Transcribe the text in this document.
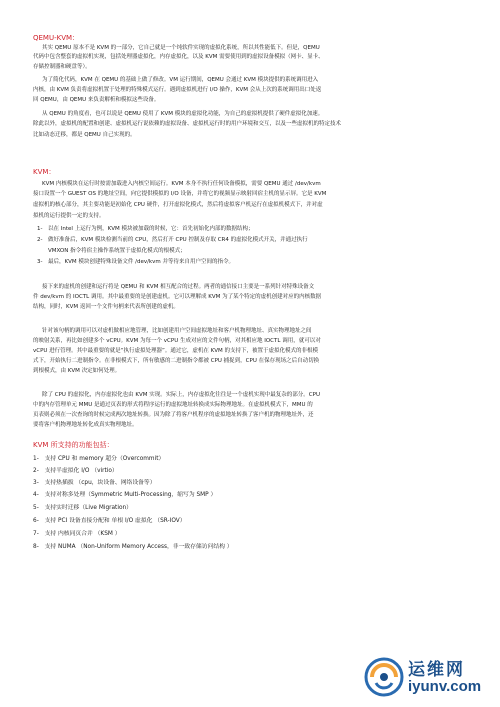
QEMU-KVM：
其实 QEMU 原本不是 KVM 的一部分，它自己就是一个纯软件实现的虚拟化系统，所以其性能低下。但是，QEMU
代码中包含整套的虚拟机实现，包括处理器虚拟化，内存虚拟化，以及 KVM 需要使用到的虚拟设备模拟（网卡、显卡、
存储控制器和硬盘等）。
为了简化代码，KVM 在 QEMU 的基础上做了修改。VM 运行期间，QEMU 会通过 KVM 模块提供的系统调用进入
内核，由 KVM 负责将虚拟机置于处理的特殊模式运行。遇到虚拟机进行 I/O 操作，KVM 会从上次的系统调用出口处返
回 QEMU，由 QEMU 来负责解析和模拟这些设备。
从 QEMU 的角度看，也可以说是 QEMU 使用了 KVM 模块的虚拟化功能，为自己的虚拟机提供了硬件虚拟化加速。
除此以外，虚拟机的配置和创建、虚拟机运行说依赖的虚拟设备、虚拟机运行时的用户环境和交互，以及一些虚拟机的特定技术
比如动态迁移，都是 QEMU 自己实现的。
KVM：
KVM 内核模块在运行时按需加载进入内核空间运行。KVM 本身不执行任何设备模拟，需要 QEMU 通过 /dev/kvm
接口设置一个 GUEST OS 的地址空间，向它提供模拟的 I/O 设备，并将它的视频显示映射回宿主机的显示屏。它是 KVM
虚拟机的核心部分，其主要功能是初始化 CPU 硬件，打开虚拟化模式，然后将虚拟客户机运行在虚拟机模式下，并对虚
拟机的运行提供一定的支持。
1-　以在 Intel 上运行为例，KVM 模块被加载的时候，它：首先初始化内部的数据结构；
2-　做好准备后，KVM 模块检测当前的 CPU，然后打开 CPU 控制及存取 CR4 的虚拟化模式开关，并通过执行
　　VMXON 指令将宿主操作系统置于虚拟化模式的根模式；
3-　最后，KVM 模块创建特殊设备文件 /dev/kvm 并等待来自用户空间的指令。
接下来的虚机的创建和运行将是 QEMU 和 KVM 相互配合的过程。两者的通信接口主要是一系列针对特殊设备文
件 dev/kvm 的 IOCTL 调用。其中最重要的是创建虚机。它可以理解成 KVM 为了某个特定的虚机创建对应的内核数据
结构，同时，KVM 返回一个文件句柄来代表所创建的虚机。
针对该句柄的调用可以对虚机做相应地管理，比如创建用户空间虚拟地址和客户机物理地址、真实物理地址之间
的映射关系，再比如创建多个 vCPU。KVM 为每一个 vCPU 生成对应的文件句柄，对其相应地 IOCTL 调用，就可以对
vCPU 进行管理。其中最重要的就是“执行虚拟处理器”。通过它，虚机在 KVM 的支持下，被置于虚拟化模式的非根模
式下，开始执行二进制指令。在非根模式下，所有敏感的二进制指令都被 CPU 捕捉到，CPU 在保存现场之后自动切换
到根模式，由 KVM 决定如何处理。
除了 CPU 的虚拟化，内存虚拟化也由 KVM 实现。实际上，内存虚拟化往往是一个虚机实现中最复杂的部分。CPU
中的内存管理单元 MMU 是通过页表的形式将程序运行的虚拟地址转换成实际物理地址。在虚拟机模式下，MMU 的
页表则必须在一次查询的时候完成两次地址转换。因为除了将客户机程序的虚拟地址转换了客户机的物理地址外，还
要将客户机物理地址转化成真实物理地址。
KVM 所支持的功能包括：
1-　支持 CPU 和 memory 超分（Overcommit）
2-　支持半虚拟化 I/O （virtio）
3-　支持热插拔 （cpu，块设备、网络设备等）
4-　支持对称多处理（Symmetric Multi-Processing，缩写为 SMP ）
5-　支持实时迁移（Live Migration）
6-　支持 PCI 设备直接分配和 单根 I/O 虚拟化 （SR-IOV）
7-　支持 内核同页合并 （KSM ）
8-　支持 NUMA （Non-Uniform Memory Access，非一致存储访问结构 ）
运维网
iyunv.com
